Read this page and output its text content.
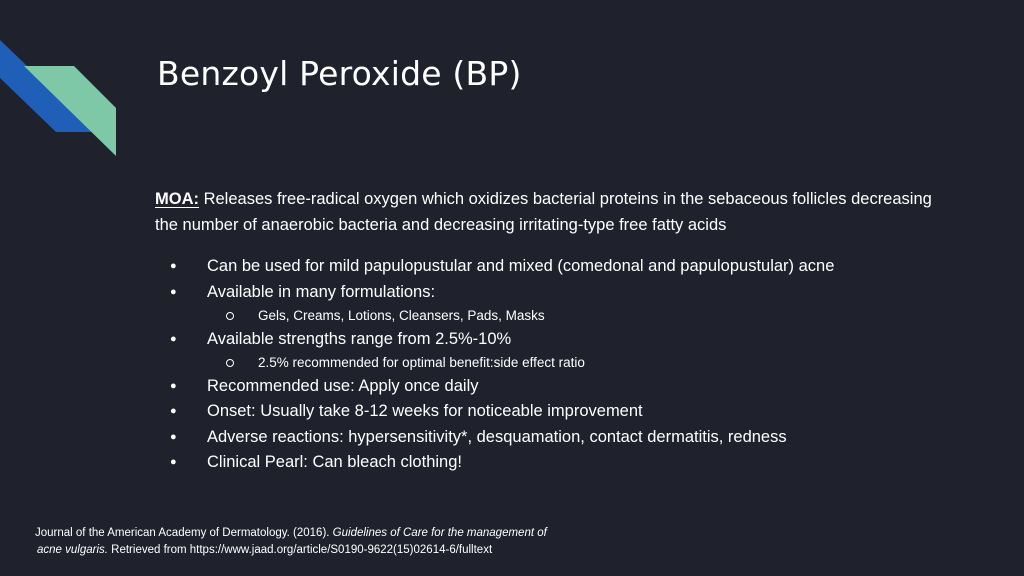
Benzoyl Peroxide (BP)
MOA: Releases free-radical oxygen which oxidizes bacterial proteins in the sebaceous follicles decreasing the number of anaerobic bacteria and decreasing irritating-type free fatty acids
● Can be used for mild papulopustular and mixed (comedonal and papulopustular) acne
● Available in many formulations:
Gels, Creams, Lotions, Cleansers, Pads, Masks
● Available strengths range from 2.5%-10%
2.5% recommended for optimal benefit:side effect ratio
● Recommended use: Apply once daily
● Onset: Usually take 8-12 weeks for noticeable improvement
● Adverse reactions: hypersensitivity*, desquamation, contact dermatitis, redness
● Clinical Pearl: Can bleach clothing!
Journal of the American Academy of Dermatology. (2016). Guidelines of Care for the management of
acne vulgaris. Retrieved from https://www.jaad.org/article/S0190-9622(15)02614-6/fulltext
